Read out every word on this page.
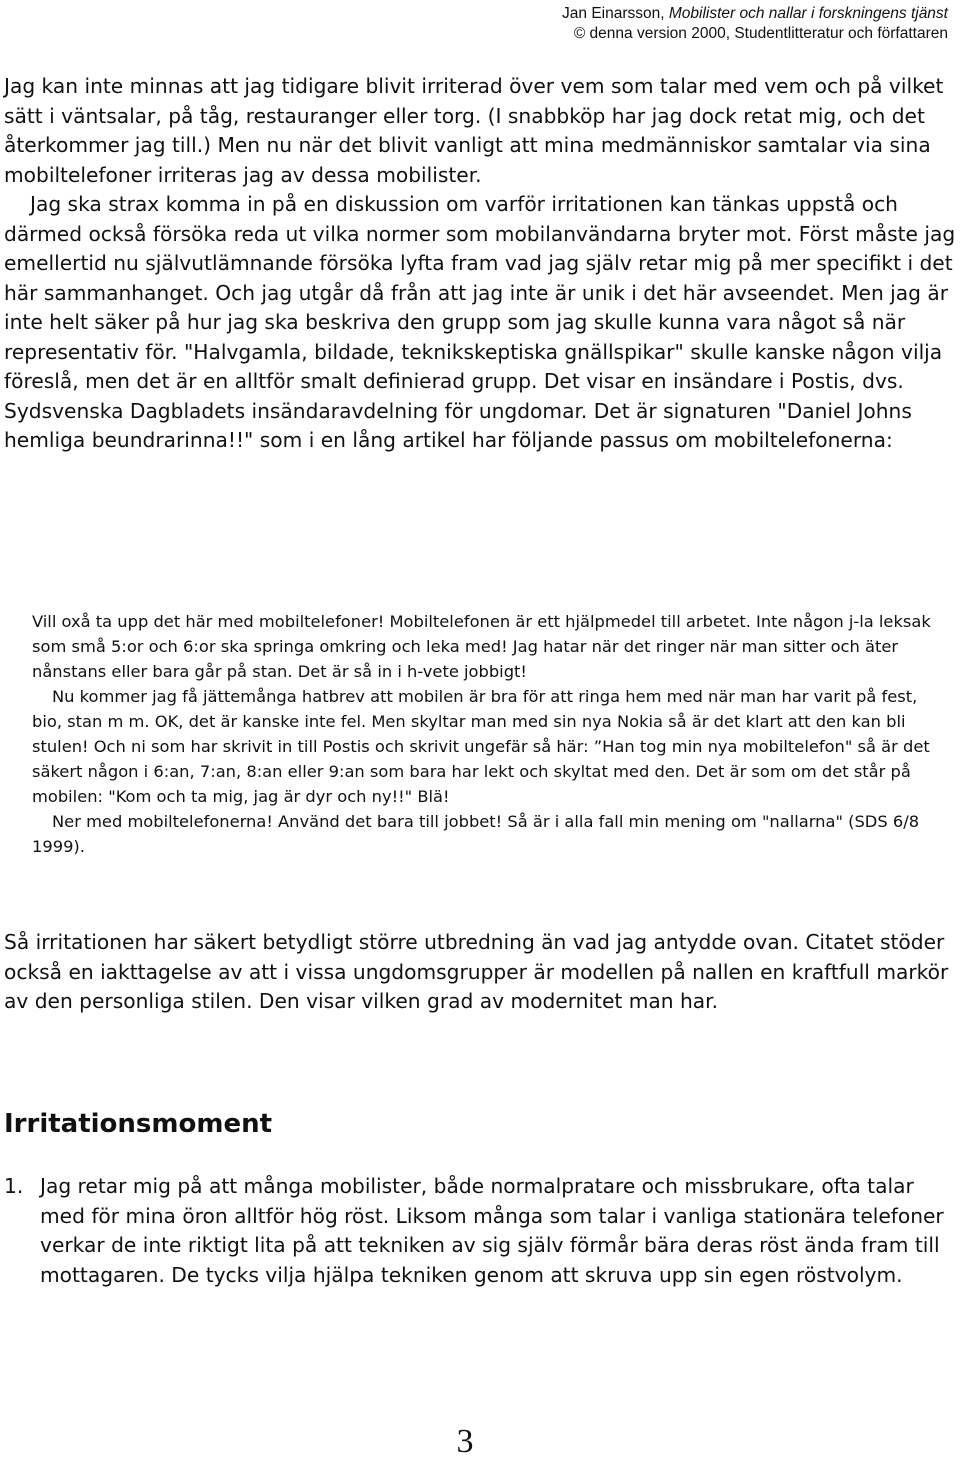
Jan Einarsson, Mobilister och nallar i forskningens tjänst
© denna version 2000, Studentlitteratur och författaren
Jag kan inte minnas att jag tidigare blivit irriterad över vem som talar med vem och på vilket sätt i väntsalar, på tåg, restauranger eller torg. (I snabbköp har jag dock retat mig, och det återkommer jag till.) Men nu när det blivit vanligt att mina medmänniskor samtalar via sina mobiltelefoner irriteras jag av dessa mobilister.
Jag ska strax komma in på en diskussion om varför irritationen kan tänkas uppstå och därmed också försöka reda ut vilka normer som mobilanvändarna bryter mot. Först måste jag emellertid nu självutlämnande försöka lyfta fram vad jag själv retar mig på mer specifikt i det här sammanhanget. Och jag utgår då från att jag inte är unik i det här avseendet. Men jag är inte helt säker på hur jag ska beskriva den grupp som jag skulle kunna vara något så när representativ för. "Halvgamla, bildade, teknikskeptiska gnällspikar" skulle kanske någon vilja föreslå, men det är en alltför smalt definierad grupp. Det visar en insändare i Postis, dvs. Sydsvenska Dagbladets insändaravdelning för ungdomar. Det är signaturen "Daniel Johns hemliga beundrarinna!!" som i en lång artikel har följande passus om mobiltelefonerna:

Vill oxå ta upp det här med mobiltelefoner! Mobiltelefonen är ett hjälpmedel till arbetet. Inte någon j-la leksak som små 5:or och 6:or ska springa omkring och leka med! Jag hatar när det ringer när man sitter och äter nånstans eller bara går på stan. Det är så in i h-vete jobbigt!

Nu kommer jag få jättemånga hatbrev att mobilen är bra för att ringa hem med när man har varit på fest, bio, stan m m. OK, det är kanske inte fel. Men skyltar man med sin nya Nokia så är det klart att den kan bli stulen! Och ni som har skrivit in till Postis och skrivit ungefär så här: ”Han tog min nya mobiltelefon" så är det säkert någon i 6:an, 7:an, 8:an eller 9:an som bara har lekt och skyltat med den. Det är som om det står på mobilen: "Kom och ta mig, jag är dyr och ny!!" Blä!

Ner med mobiltelefonerna! Använd det bara till jobbet! Så är i alla fall min mening om "nallarna" (SDS 6/8 1999).

Så irritationen har säkert betydligt större utbredning än vad jag antydde ovan. Citatet stöder också en iakttagelse av att i vissa ungdomsgrupper är modellen på nallen en kraftfull markör av den personliga stilen. Den visar vilken grad av modernitet man har.

Irritationsmoment
1. Jag retar mig på att många mobilister, både normalpratare och missbrukare, ofta talar med för mina öron alltför hög röst. Liksom många som talar i vanliga stationära telefoner verkar de inte riktigt lita på att tekniken av sig själv förmår bära deras röst ända fram till mottagaren. De tycks vilja hjälpa tekniken genom att skruva upp sin egen röstvolym.
3
